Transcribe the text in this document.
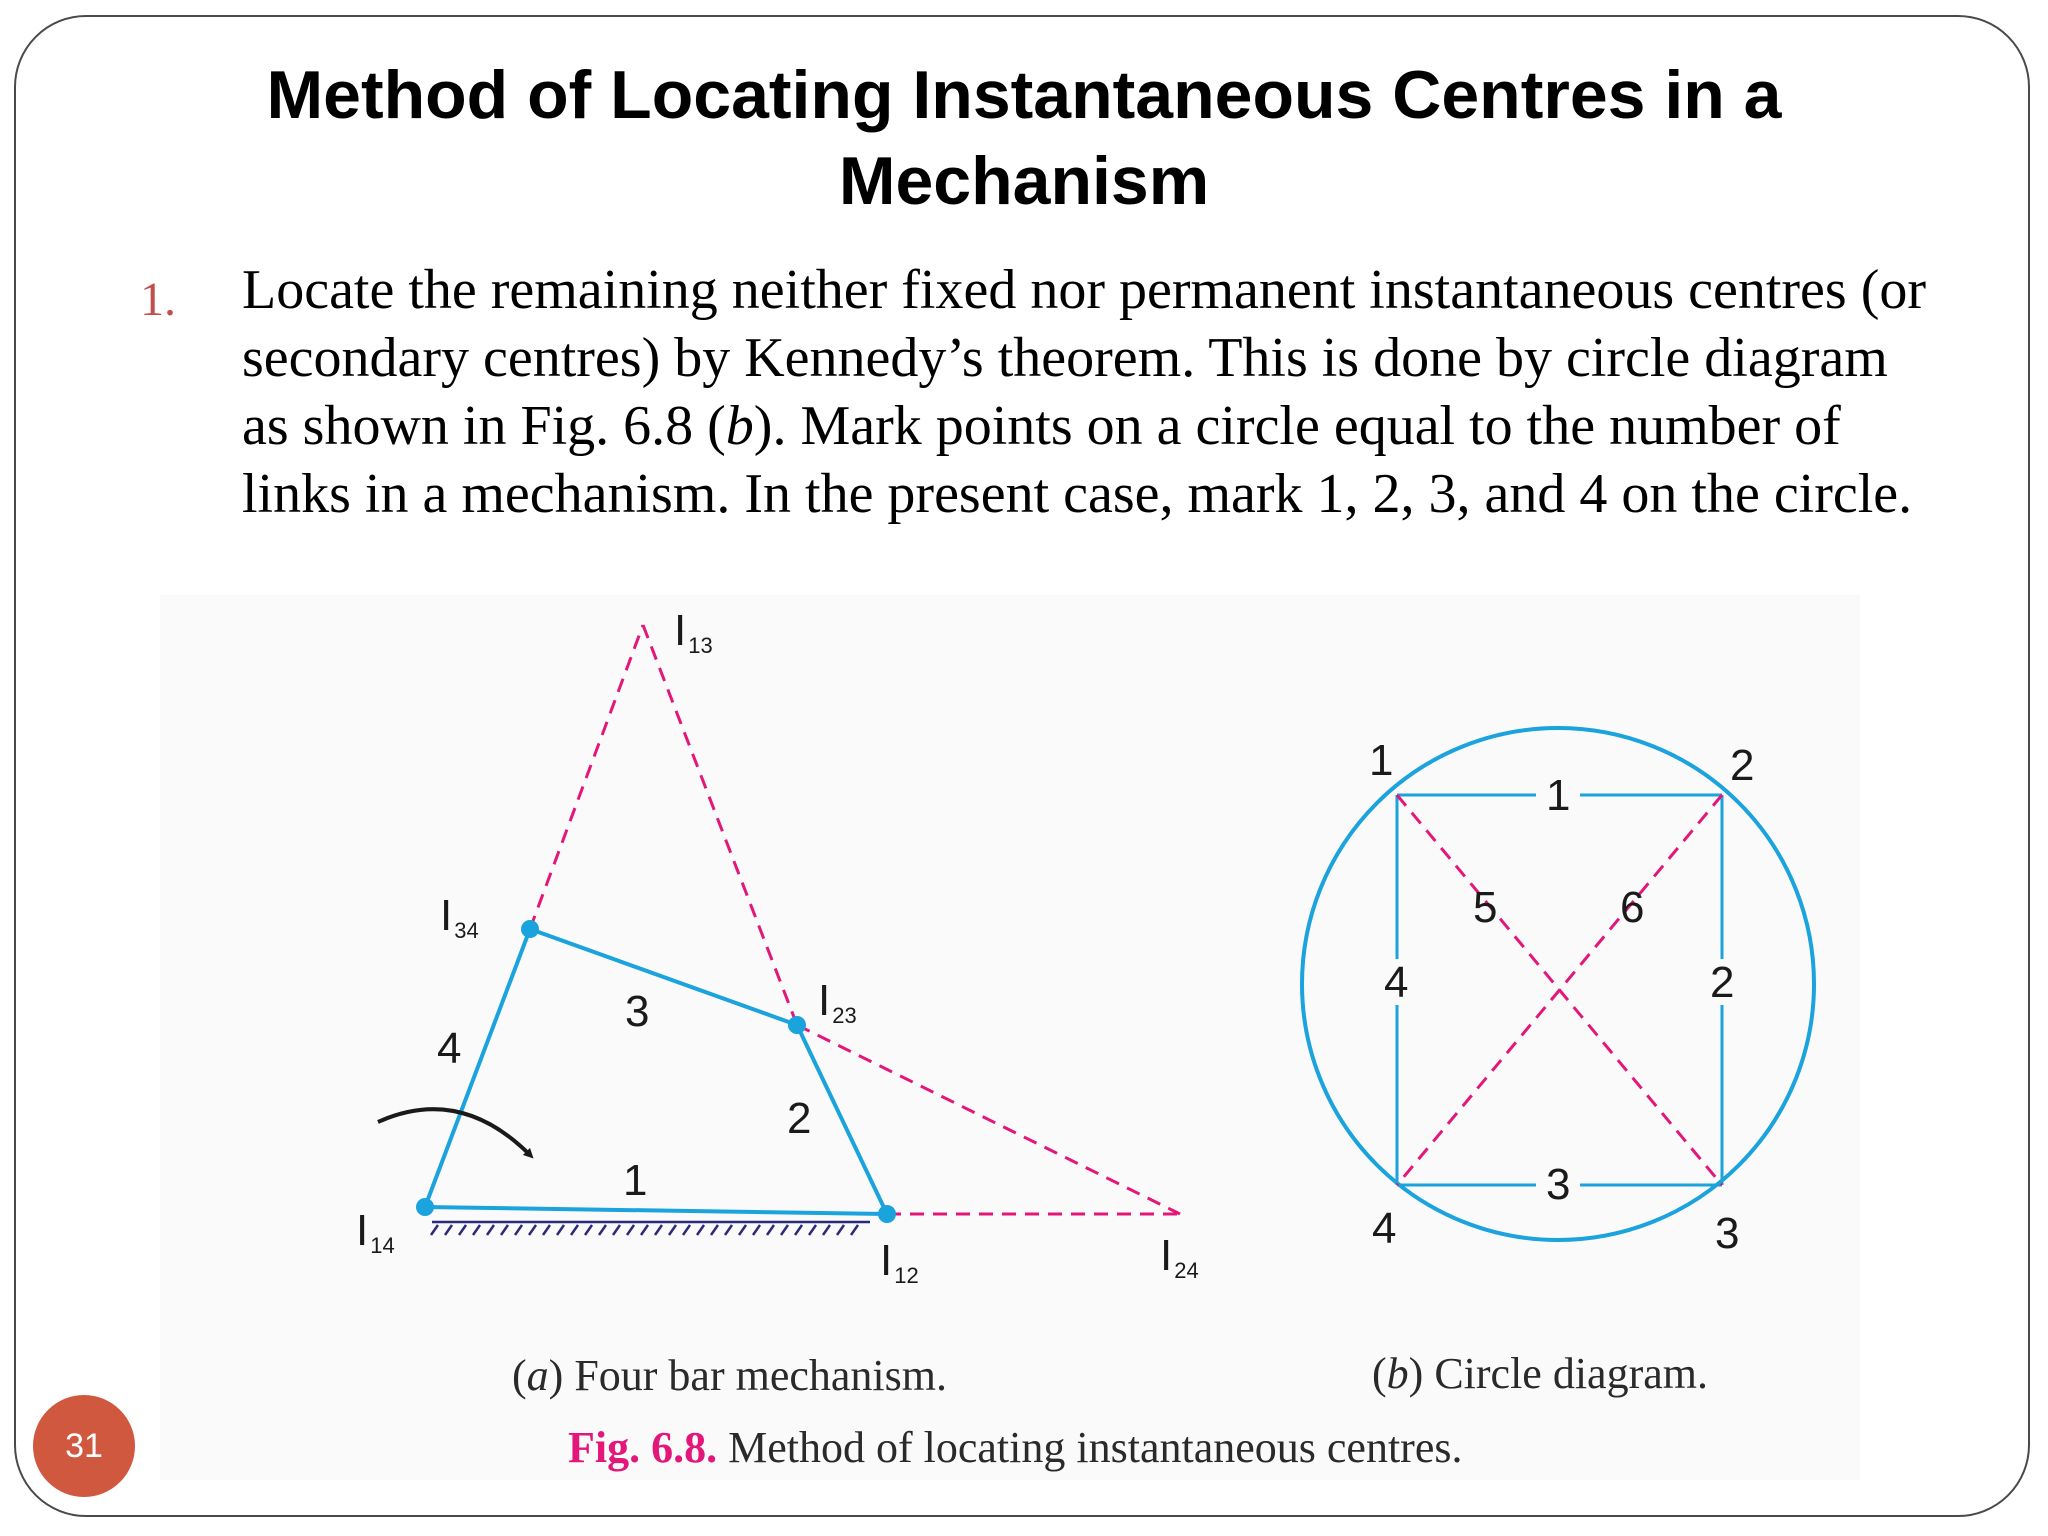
Method of Locating Instantaneous Centres in a Mechanism
1. Locate the remaining neither fixed nor permanent instantaneous centres (or secondary centres) by Kennedy’s theorem. This is done by circle diagram as shown in Fig. 6.8 (b). Mark points on a circle equal to the number of links in a mechanism. In the present case, mark 1, 2, 3, and 4 on the circle.

I13
I34
I23
I14	I12	I24
1
2
3
4
1	2
3
4
1
2
3
4
5	6
(a) Four bar mechanism.	(b) Circle diagram.
Fig. 6.8. Method of locating instantaneous centres.
31
